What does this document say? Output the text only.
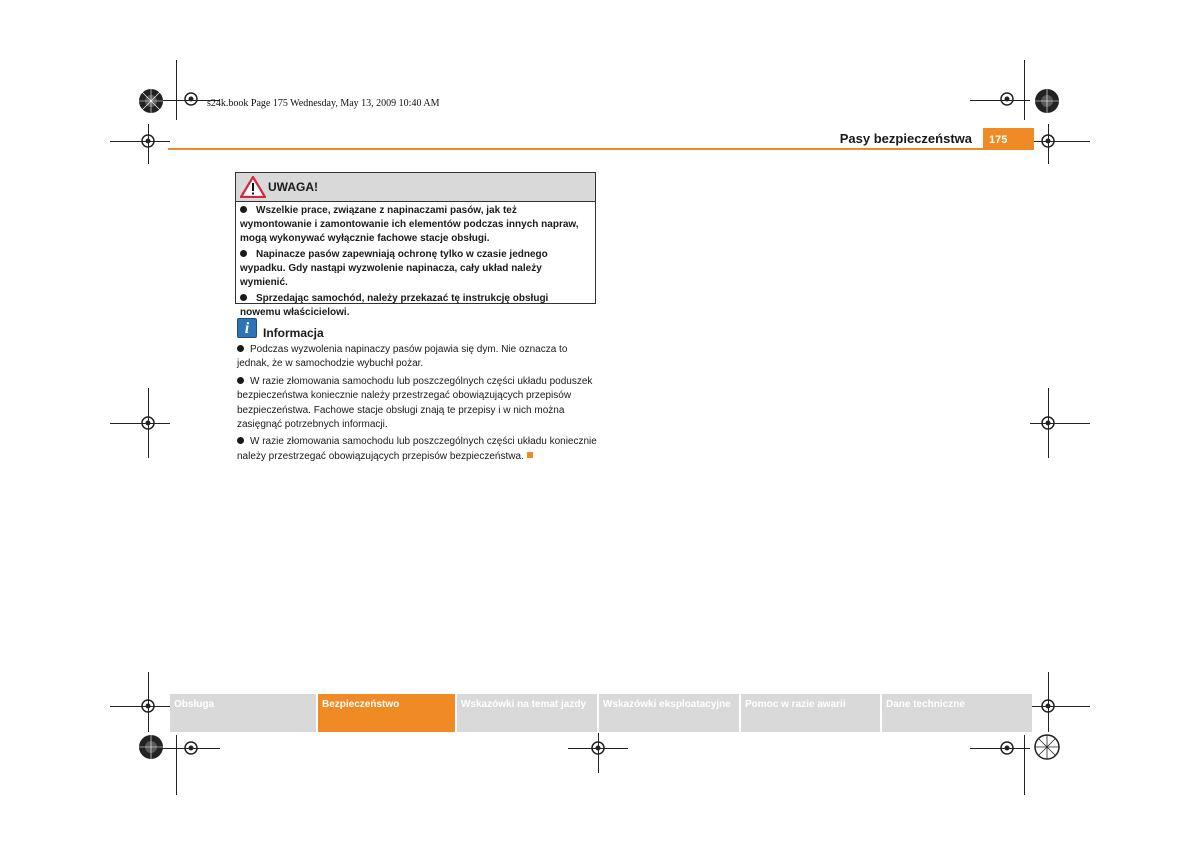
s24k.book Page 175 Wednesday, May 13, 2009 10:40 AM
Pasy bezpieczeństwa	175
UWAGA!

Wszelkie prace, związane z napinaczami pasów, jak też wymontowanie i zamontowanie ich elementów podczas innych napraw, mogą wykonywać wyłącznie fachowe stacje obsługi.

Napinacze pasów zapewniają ochronę tylko w czasie jednego wypadku. Gdy nastąpi wyzwolenie napinacza, cały układ należy wymienić.

Sprzedając samochód, należy przekazać tę instrukcję obsługi nowemu właścicielowi.

i	Informacja

Podczas wyzwolenia napinaczy pasów pojawia się dym. Nie oznacza to jednak, że w samochodzie wybuchł pożar.

W razie złomowania samochodu lub poszczególnych części układu poduszek bezpieczeństwa koniecznie należy przestrzegać obowiązujących przepisów bezpieczeństwa. Fachowe stacje obsługi znają te przepisy i w nich można zasięgnąć potrzebnych informacji.

W razie złomowania samochodu lub poszczególnych części układu koniecznie należy przestrzegać obowiązujących przepisów bezpieczeństwa.

Obsługa	Bezpieczeństwo	Wskazówki na temat jazdy	Wskazówki eksploatacyjne	Pomoc w razie awarii	Dane techniczne
